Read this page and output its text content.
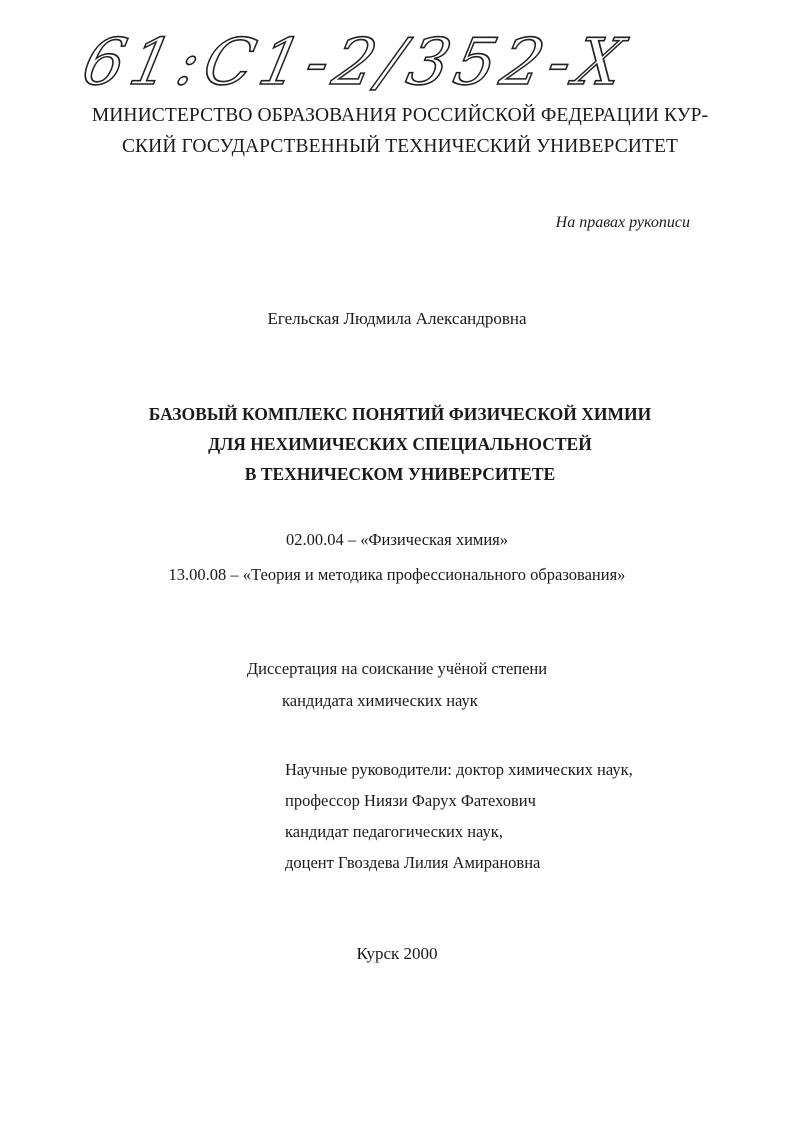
61:С1-2/352-Х
МИНИСТЕРСТВО ОБРАЗОВАНИЯ РОССИЙСКОЙ ФЕДЕРАЦИИ КУР-
СКИЙ ГОСУДАРСТВЕННЫЙ ТЕХНИЧЕСКИЙ УНИВЕРСИТЕТ
На правах рукописи
Егельская Людмила Александровна
БАЗОВЫЙ КОМПЛЕКС ПОНЯТИЙ ФИЗИЧЕСКОЙ ХИМИИ
ДЛЯ НЕХИМИЧЕСКИХ СПЕЦИАЛЬНОСТЕЙ
В ТЕХНИЧЕСКОМ УНИВЕРСИТЕТЕ
02.00.04 – «Физическая химия»
13.00.08 – «Теория и методика профессионального образования»
Диссертация на соискание учёной степени
кандидата химических наук
Научные руководители: доктор химических наук,
профессор Ниязи Фарух Фатехович
кандидат педагогических наук,
доцент Гвоздева Лилия Амирановна
Курск 2000
